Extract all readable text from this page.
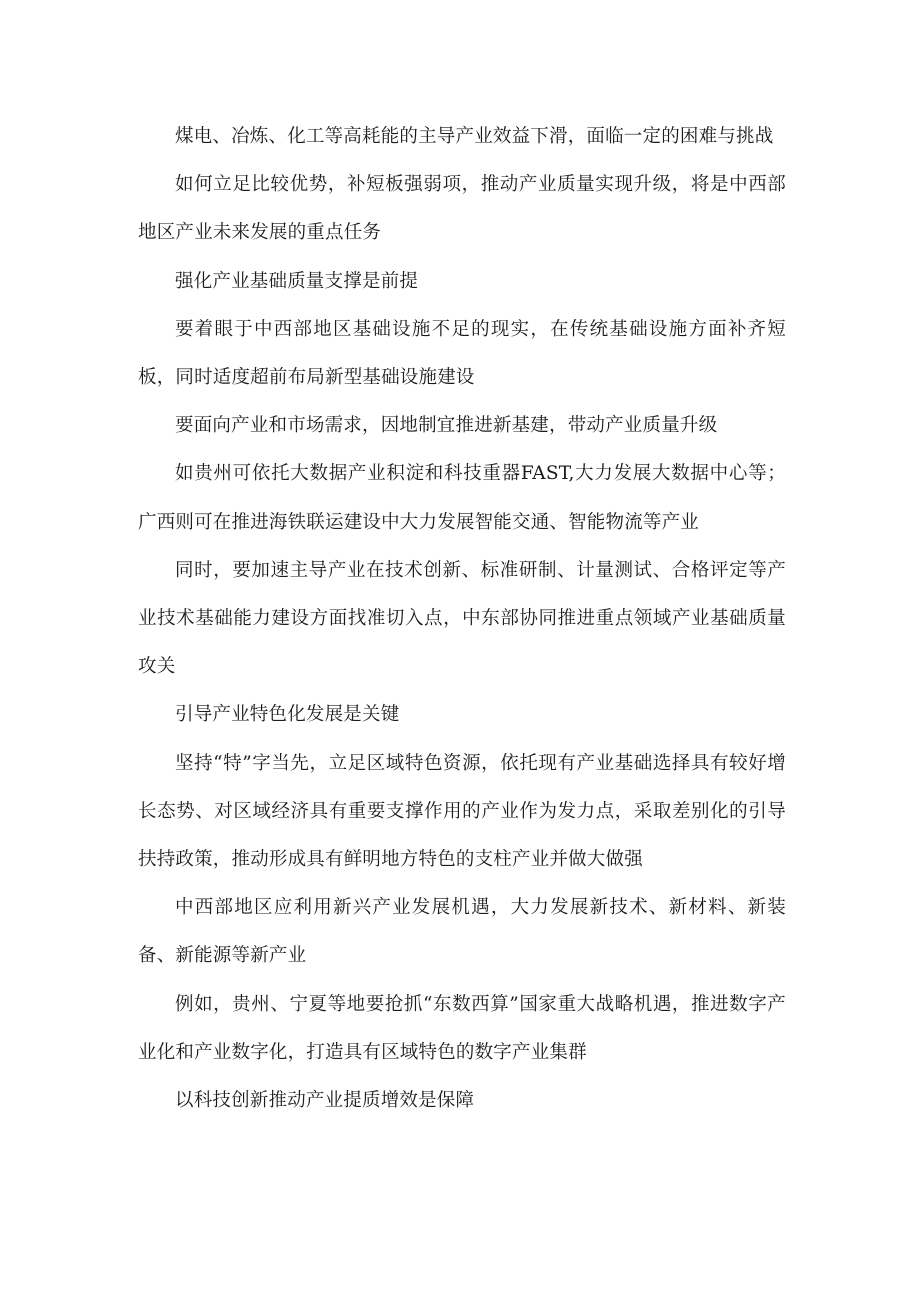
煤电、冶炼、化工等高耗能的主导产业效益下滑，面临一定的困难与挑战

如何立足比较优势，补短板强弱项，推动产业质量实现升级，将是中西部地区产业未来发展的重点任务

强化产业基础质量支撑是前提

要着眼于中西部地区基础设施不足的现实，在传统基础设施方面补齐短板，同时适度超前布局新型基础设施建设

要面向产业和市场需求，因地制宜推进新基建，带动产业质量升级

如贵州可依托大数据产业积淀和科技重器FAST,大力发展大数据中心等；广西则可在推进海铁联运建设中大力发展智能交通、智能物流等产业

同时，要加速主导产业在技术创新、标准研制、计量测试、合格评定等产业技术基础能力建设方面找准切入点，中东部协同推进重点领域产业基础质量攻关

引导产业特色化发展是关键

坚持“特”字当先，立足区域特色资源，依托现有产业基础选择具有较好增长态势、对区域经济具有重要支撑作用的产业作为发力点，采取差别化的引导扶持政策，推动形成具有鲜明地方特色的支柱产业并做大做强

中西部地区应利用新兴产业发展机遇，大力发展新技术、新材料、新装备、新能源等新产业

例如，贵州、宁夏等地要抢抓“东数西算”国家重大战略机遇，推进数字产业化和产业数字化，打造具有区域特色的数字产业集群

以科技创新推动产业提质增效是保障
